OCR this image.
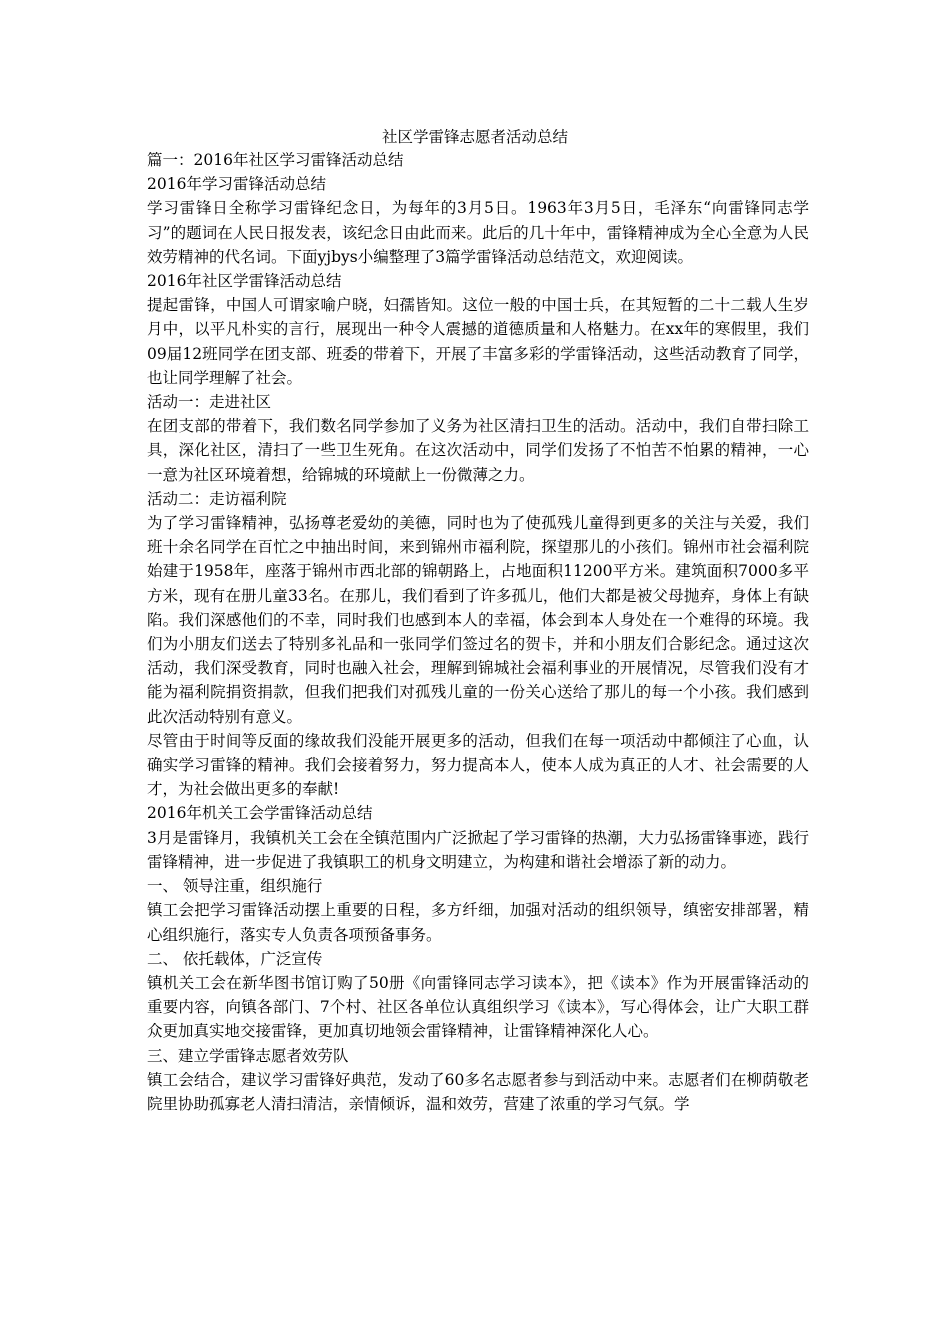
社区学雷锋志愿者活动总结

篇一：2016年社区学习雷锋活动总结

2016年学习雷锋活动总结

学习雷锋日全称学习雷锋纪念日，为每年的3月5日。1963年3月5日，毛泽东“向雷锋同志学习”的题词在人民日报发表，该纪念日由此而来。此后的几十年中，雷锋精神成为全心全意为人民效劳精神的代名词。下面yjbys小编整理了3篇学雷锋活动总结范文，欢迎阅读。

2016年社区学雷锋活动总结

提起雷锋，中国人可谓家喻户晓，妇孺皆知。这位一般的中国士兵，在其短暂的二十二载人生岁月中，以平凡朴实的言行，展现出一种令人震撼的道德质量和人格魅力。在xx年的寒假里，我们09届12班同学在团支部、班委的带着下，开展了丰富多彩的学雷锋活动，这些活动教育了同学，也让同学理解了社会。

活动一：走进社区

在团支部的带着下，我们数名同学参加了义务为社区清扫卫生的活动。活动中，我们自带扫除工具，深化社区，清扫了一些卫生死角。在这次活动中，同学们发扬了不怕苦不怕累的精神，一心一意为社区环境着想，给锦城的环境献上一份微薄之力。

活动二：走访福利院

为了学习雷锋精神，弘扬尊老爱幼的美德，同时也为了使孤残儿童得到更多的关注与关爱，我们班十余名同学在百忙之中抽出时间，来到锦州市福利院，探望那儿的小孩们。锦州市社会福利院始建于1958年，座落于锦州市西北部的锦朝路上，占地面积11200平方米。建筑面积7000多平方米，现有在册儿童33名。在那儿，我们看到了许多孤儿，他们大都是被父母抛弃，身体上有缺陷。我们深感他们的不幸，同时我们也感到本人的幸福，体会到本人身处在一个难得的环境。我们为小朋友们送去了特别多礼品和一张同学们签过名的贺卡，并和小朋友们合影纪念。通过这次活动，我们深受教育，同时也融入社会，理解到锦城社会福利事业的开展情况，尽管我们没有才能为福利院捐资捐款，但我们把我们对孤残儿童的一份关心送给了那儿的每一个小孩。我们感到此次活动特别有意义。

尽管由于时间等反面的缘故我们没能开展更多的活动，但我们在每一项活动中都倾注了心血，认确实学习雷锋的精神。我们会接着努力，努力提高本人，使本人成为真正的人才、社会需要的人才，为社会做出更多的奉献!

2016年机关工会学雷锋活动总结

3月是雷锋月，我镇机关工会在全镇范围内广泛掀起了学习雷锋的热潮，大力弘扬雷锋事迹，践行雷锋精神，进一步促进了我镇职工的机身文明建立，为构建和谐社会增添了新的动力。

一、 领导注重，组织施行

镇工会把学习雷锋活动摆上重要的日程，多方纤细，加强对活动的组织领导，缜密安排部署，精心组织施行，落实专人负责各项预备事务。

二、 依托载体，广泛宣传

镇机关工会在新华图书馆订购了50册《向雷锋同志学习读本》，把《读本》作为开展雷锋活动的重要内容，向镇各部门、7个村、社区各单位认真组织学习《读本》，写心得体会，让广大职工群众更加真实地交接雷锋，更加真切地领会雷锋精神，让雷锋精神深化人心。

三、建立学雷锋志愿者效劳队

镇工会结合，建议学习雷锋好典范，发动了60多名志愿者参与到活动中来。志愿者们在柳荫敬老院里协助孤寡老人清扫清洁，亲情倾诉，温和效劳，营建了浓重的学习气氛。学
